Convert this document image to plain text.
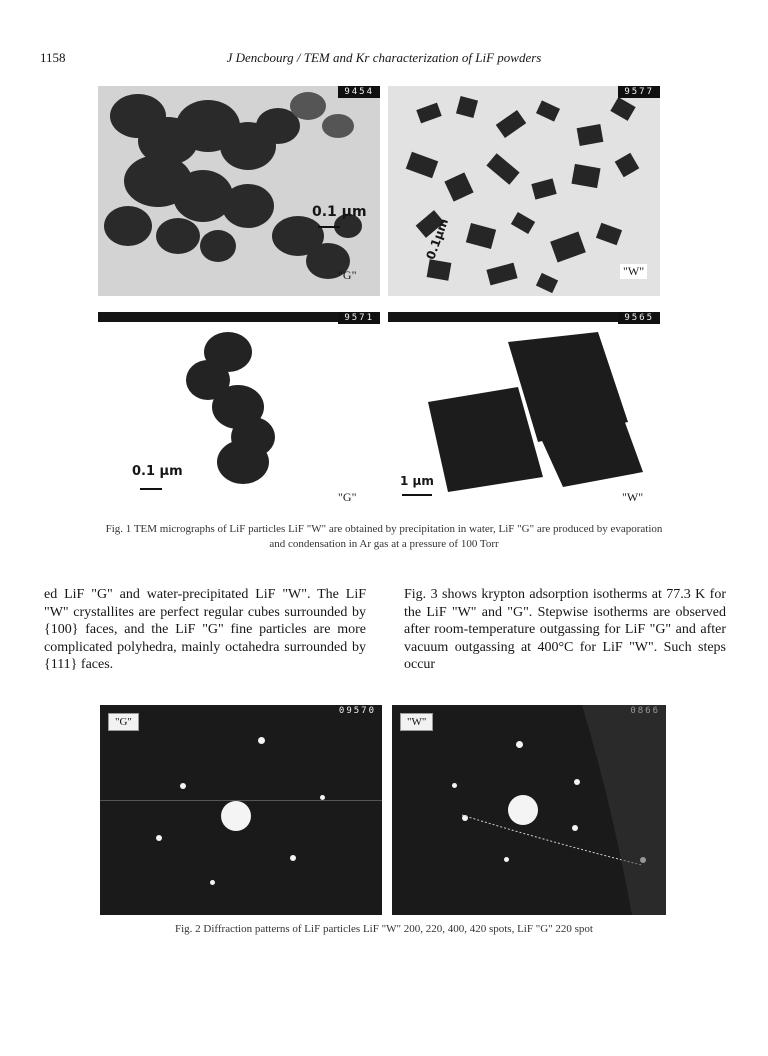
1158	J Dencbourg / TEM and Kr characterization of LiF powders
9454
0.1 µm
"G"
9577
0.1µm
"W"
9571
0.1 µm
"G"
9565
1 µm
"W"
Fig. 1 TEM micrographs of LiF particles LiF "W" are obtained by precipitation in water, LiF "G" are produced by evaporation
and condensation in Ar gas at a pressure of 100 Torr
ed LiF "G" and water-precipitated LiF "W". The LiF "W" crystallites are perfect regular cubes surrounded by {100} faces, and the LiF "G" fine particles are more complicated polyhedra, mainly octahedra surrounded by {111} faces.
Fig. 3 shows krypton adsorption isotherms at 77.3 K for the LiF "W" and "G". Stepwise isotherms are observed after room-temperature outgassing for LiF "G" and after vacuum outgassing at 400°C for LiF "W". Such steps occur
"G"
09570
"W"
Fig. 2 Diffraction patterns of LiF particles LiF "W" 200, 220, 400, 420 spots, LiF "G" 220 spot
